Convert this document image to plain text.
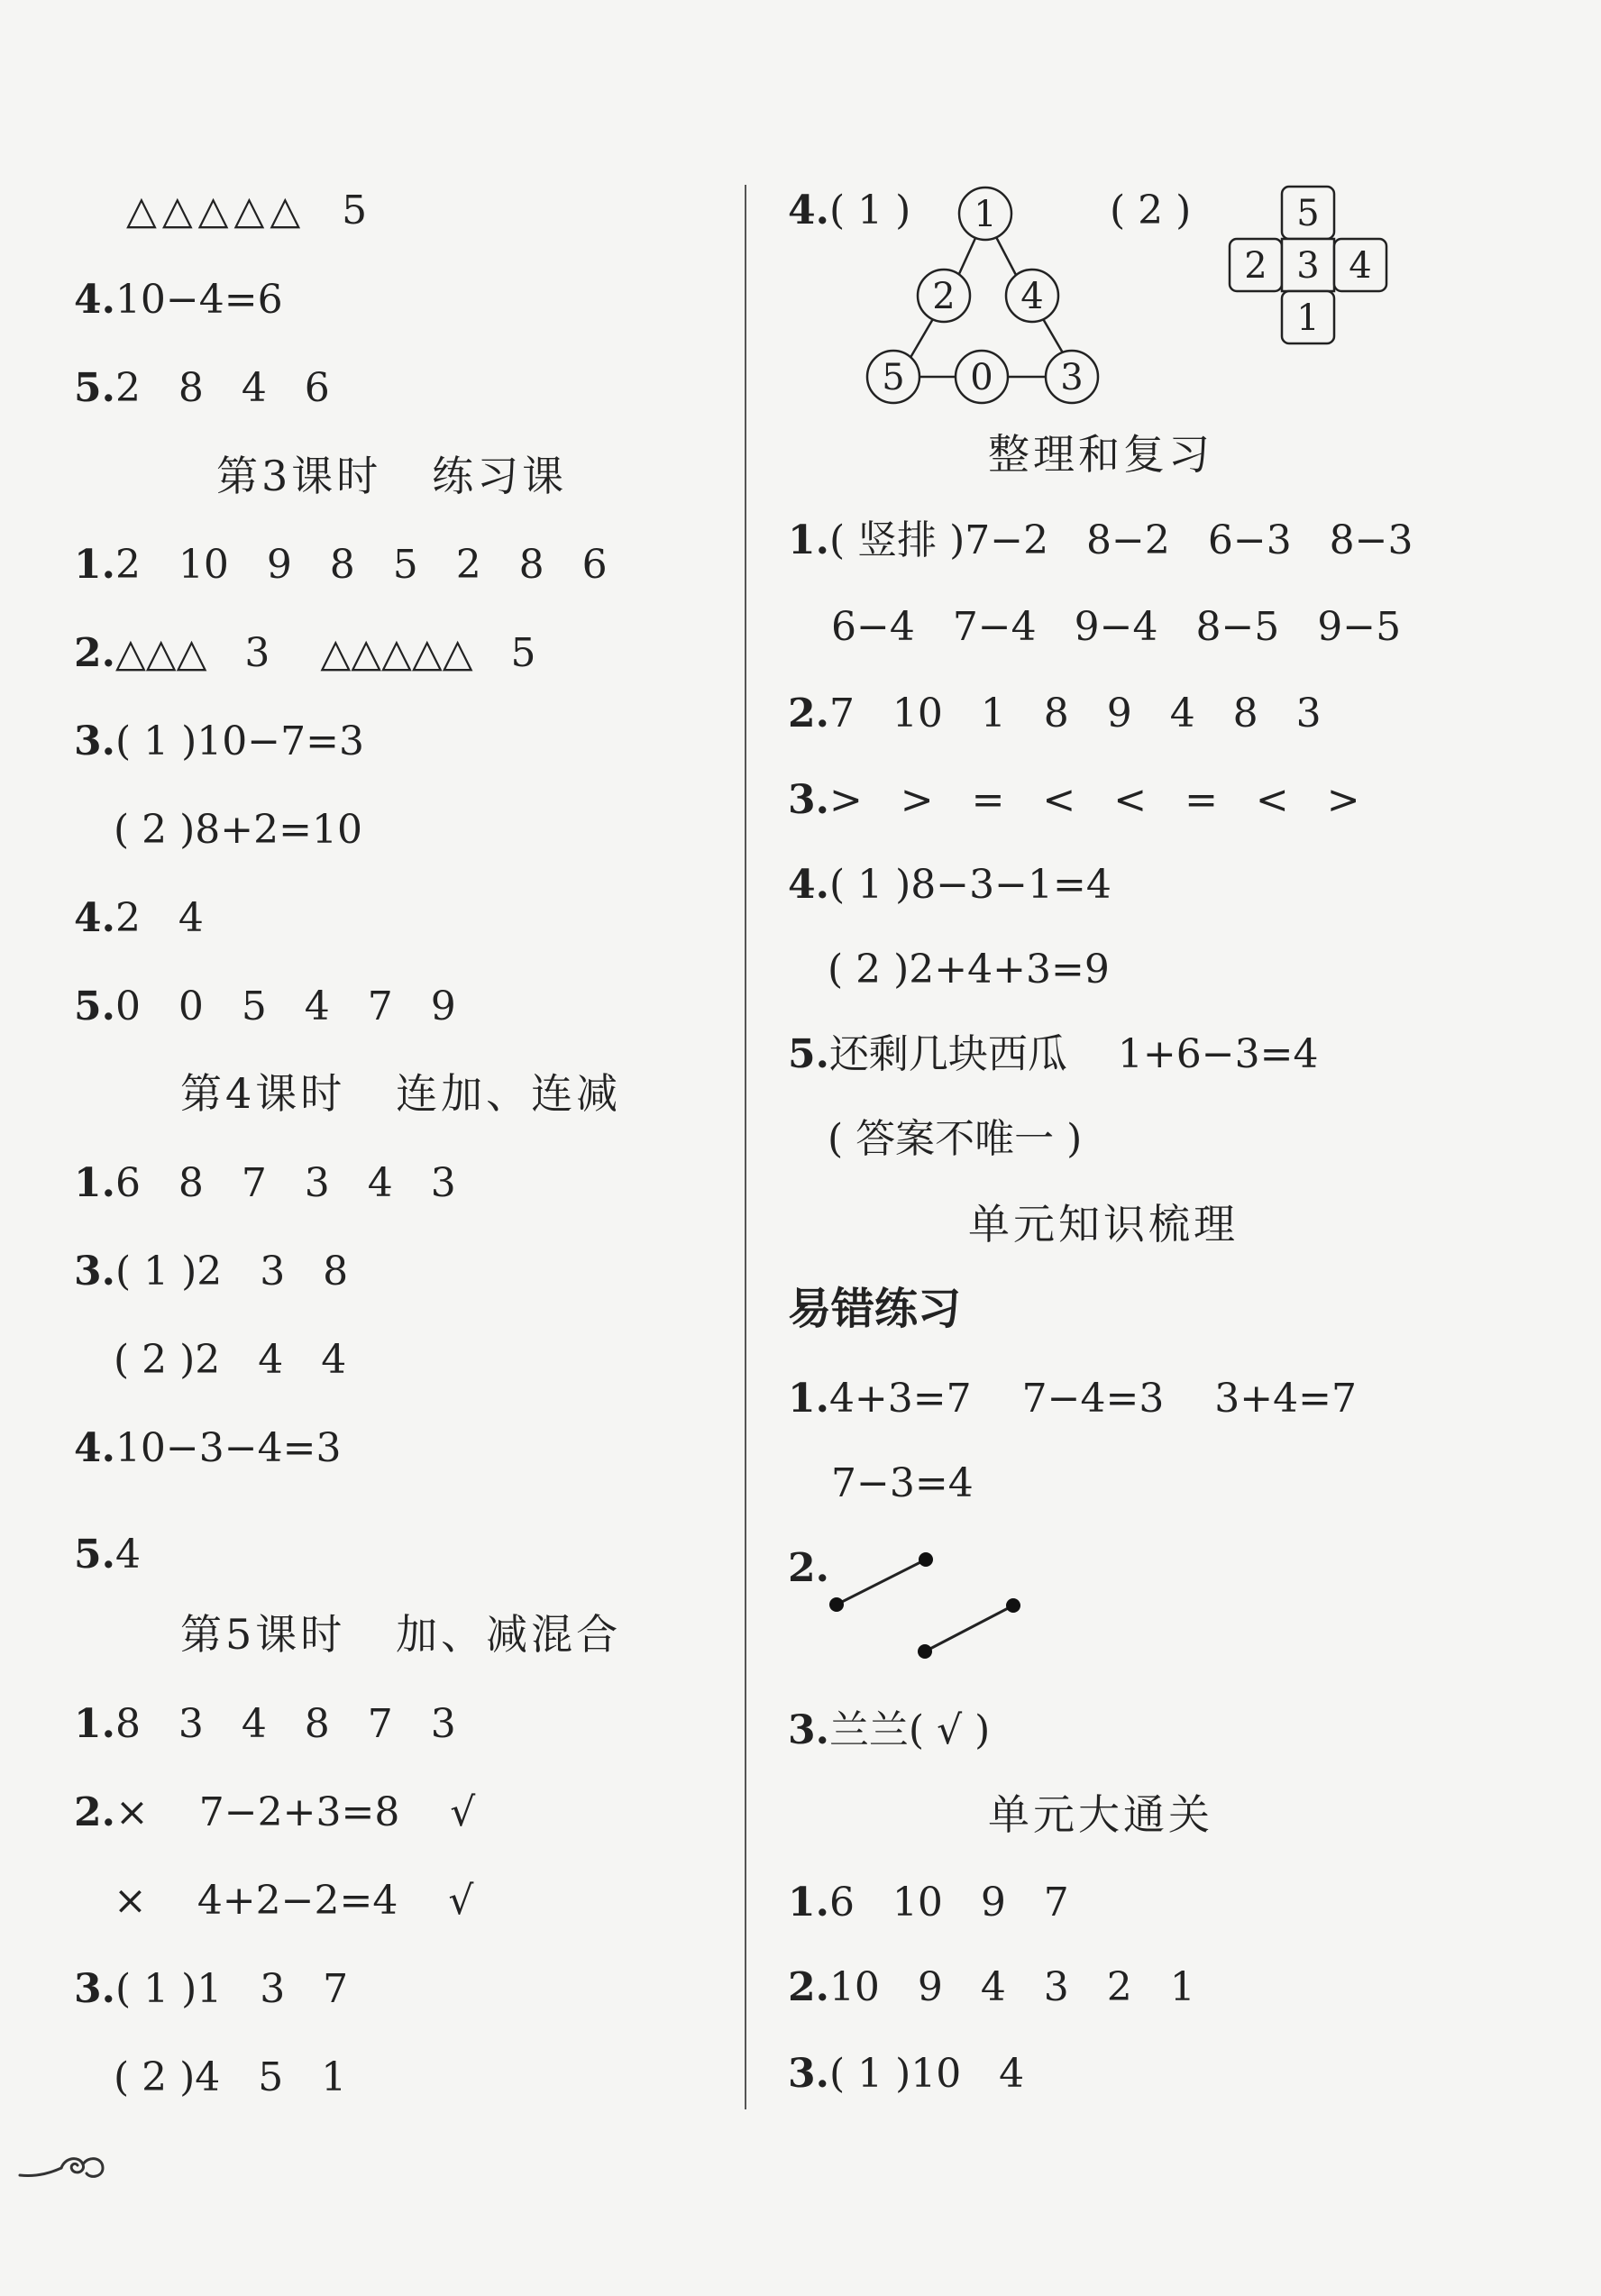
△△△△△  5
4.10−4=6
5.2   8   4   6
第3课时   练习课
1.2   10   9   8   5   2   8   6
2.△△△   3    △△△△△   5
3.( 1 )10−7=3
( 2 )8+2=10
4.2   4
5.0   0   5   4   7   9
第4课时   连加、连减
1.6   8   7   3   4   3
3.( 1 )2   3   8
( 2 )2   4   4
4.10−3−4=3
5.4
第5课时   加、减混合
1.8   3   4   8   7   3
2.×    7−2+3=8    √
×    4+2−2=4    √
3.( 1 )1   3   7
( 2 )4   5   1
4.( 1 )	( 2 )
1
2 4
5 0 3
5
2 3 4
1
整理和复习
1.( 竖排 )7−2   8−2   6−3   8−3
6−4   7−4   9−4   8−5   9−5
2.7   10   1   8   9   4   8   3
3.>   >   =   <   <   =   <   >
4.( 1 )8−3−1=4
( 2 )2+4+3=9
5.还剩几块西瓜    1+6−3=4
( 答案不唯一 )
单元知识梳理
易错练习
1.4+3=7    7−4=3    3+4=7
7−3=4
2.
3.兰兰( √ )
单元大通关
1.6   10   9   7
2.10   9   4   3   2   1
3.( 1 )10   4
